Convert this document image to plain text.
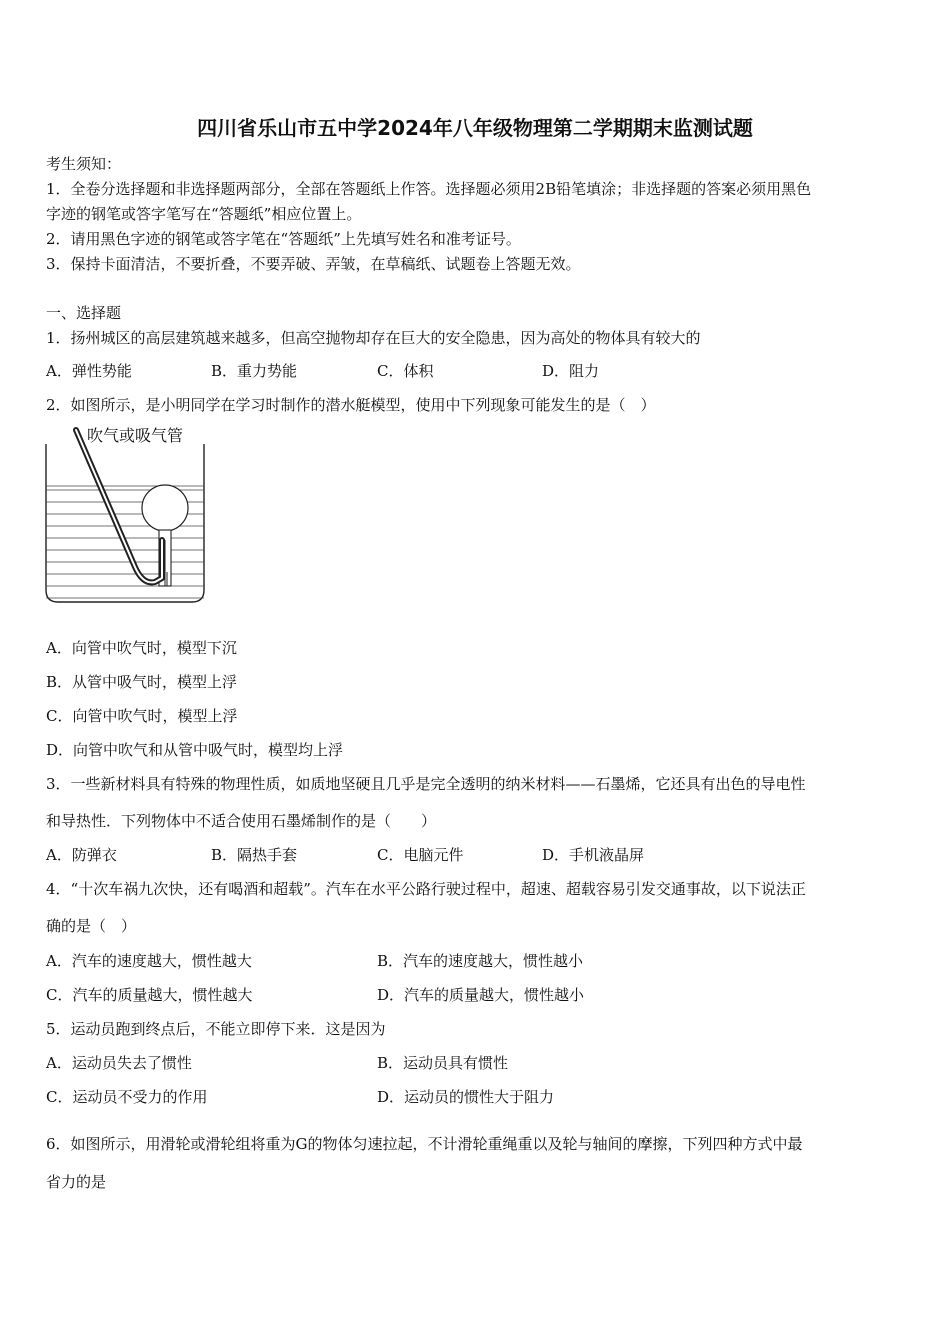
四川省乐山市五中学2024年八年级物理第二学期期末监测试题
考生须知：
1．全卷分选择题和非选择题两部分，全部在答题纸上作答。选择题必须用2B铅笔填涂；非选择题的答案必须用黑色
字迹的钢笔或答字笔写在“答题纸”相应位置上。
2．请用黑色字迹的钢笔或答字笔在“答题纸”上先填写姓名和准考证号。
3．保持卡面清洁，不要折叠，不要弄破、弄皱，在草稿纸、试题卷上答题无效。
一、选择题
1．扬州城区的高层建筑越来越多，但高空抛物却存在巨大的安全隐患，因为高处的物体具有较大的
A．弹性势能	B．重力势能	C．体积	D．阻力
2．如图所示，是小明同学在学习时制作的潜水艇模型，使用中下列现象可能发生的是（　）
吹气或吸气管
A．向管中吹气时，模型下沉
B．从管中吸气时，模型上浮
C．向管中吹气时，模型上浮
D．向管中吹气和从管中吸气时，模型均上浮
3．一些新材料具有特殊的物理性质，如质地坚硬且几乎是完全透明的纳米材料——石墨烯，它还具有出色的导电性
和导热性．下列物体中不适合使用石墨烯制作的是（　　）
A．防弹衣	B．隔热手套	C．电脑元件	D．手机液晶屏
4．“十次车祸九次快，还有喝酒和超载”。汽车在水平公路行驶过程中，超速、超载容易引发交通事故，以下说法正
确的是（　）
A．汽车的速度越大，惯性越大	B．汽车的速度越大，惯性越小
C．汽车的质量越大，惯性越大	D．汽车的质量越大，惯性越小
5．运动员跑到终点后，不能立即停下来．这是因为
A．运动员失去了惯性	B．运动员具有惯性
C．运动员不受力的作用	D．运动员的惯性大于阻力
6．如图所示，用滑轮或滑轮组将重为G的物体匀速拉起，不计滑轮重绳重以及轮与轴间的摩擦，下列四种方式中最
省力的是
